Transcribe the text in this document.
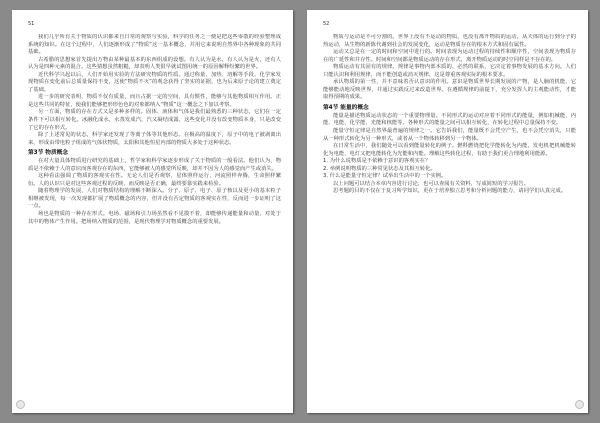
51

我们几乎所有关于物质的认识都来自日常的观察与实验，科学的任务之一便是把这些零散的经验整理成系统的知识。在这个过程中，人们逐渐形成了“物质”这一基本概念，并用它来说明自然界中各种现象的共同基础。

古希腊的思想家首先提出万物由某种最基本的东西组成的设想。有人认为是水，有人认为是火，还有人认为是四种元素的混合。这些猜想虽然粗糙，却表明人类很早就试图用统一的原因解释纷繁的世界。

近代科学兴起以后，人们开始用实验的方法研究物质的性质。通过称量、加热、溶解等手段，化学家发现物质在变化前后总质量保持不变，这使“物质不灭”的观念获得了坚实的证据，也为后来原子论的建立奠定了基础。

进一步的研究表明，物质不仅有质量，而且占据一定的空间，具有惯性，能够与其他物质相互作用。正是这些共同的特征，使我们能够把形形色色的对象都纳入“物质”这一概念之下加以考察。

另一方面，物质的存在方式又是多种多样的。固体、液体和气体是我们最熟悉的三种状态，它们在一定条件下可以相互转化。冰融化成水，水蒸发成汽，汽又凝结成露，这些变化并没有改变物质本身，只是改变了它的存在形式。

除了上述常见的状态，科学家还发现了等离子体等其他形态。在极高的温度下，原子中的电子被剥离出来，形成由带电粒子组成的气体状物质，太阳和其他恒星内部的物质大多处于这种状态。

第3节 物质概念

在对大量具体物质进行研究的基础上，哲学家和科学家逐步形成了关于物质的一般看法。他们认为，物质是不依赖于人的意识而客观存在的东西，它能够被人的感觉所反映，却并不因为人的感觉而产生或消失。

这种看法强调了物质的客观实在性。无论人们是否观察，星体照样运行，河流照样奔腾，生命照样繁衍。人的认识只是对这些客观过程的反映，而反映是否正确，最终要靠实践来检验。

随着物理学的发展，人们对物质结构的理解不断深入。分子、原子、电子、原子核以及更小的基本粒子相继被发现，每一次发现都扩展了物质概念的内容，但并没有否定物质的客观实在性，反而进一步证明了这一点。

场也是物质的一种存在形式。电场、磁场和引力场虽然看不见摸不着，却能够传递能量和动量，对处于其中的物体产生作用。把场纳入物质的范围，是现代物理学对物质概念的重要发展。

52

物质与运动是不可分割的。世界上没有不运动的物质，也没有离开物质的运动。从天体的运行到分子的热运动，从生物的新陈代谢到社会的发展变化，运动是物质存在的根本方式和固有属性。

运动又总是在一定的时间和空间中进行的。时间表现为运动过程的持续性和顺序性，空间表现为物质存在的广延性和并存性。时间和空间都是物质运动的存在形式，离开物质运动的时空同样是不存在的。

物质运动有其固有的规律。规律是事物内部本质的、必然的联系，它决定着事物发展的基本方向。人们只能认识和利用规律，而不能创造或消灭规律，这是尊重客观实际的根本要求。

承认物质的第一性，并不意味着否认意识的作用。意识是物质世界长期发展的产物，是人脑的机能，它能够能动地反映世界，并通过实践反过来改造世界。在遵循规律的前提下，充分发挥人的主观能动性，才能取得预期的成果。

第4节 能量的概念

能量是描述物质运动状态的一个重要物理量。不同形式的运动对应着不同形式的能量，例如机械能、内能、电能、化学能、光能和核能等。各种形式的能量之间可以相互转化，在转化过程中总量保持不变。

能量守恒定律是自然界最普遍的规律之一。它告诉我们，能量既不会凭空产生，也不会凭空消失，只能从一种形式转化为另一种形式，或者从一个物体转移到另一个物体。

在日常生活中，我们随处可以看到能量转化的例子。燃料燃烧把化学能转化为内能，发电机把机械能转化为电能，电灯又把电能转化为光能和内能。理解这些转化过程，有助于我们更合理地利用能源。

1. 为什么说物质是不依赖于意识的客观实在？

2. 举例说明物质的三种常见状态及其相互转化。

3. 什么是能量守恒定律？试举出生活中的一个实例。

以上问题可以结合本章内容进行讨论，也可以查阅有关资料，写成简短的学习报告。

思考题的目的不仅在于复习所学知识，更在于培养独立思考和分析问题的能力，请同学们认真完成。
